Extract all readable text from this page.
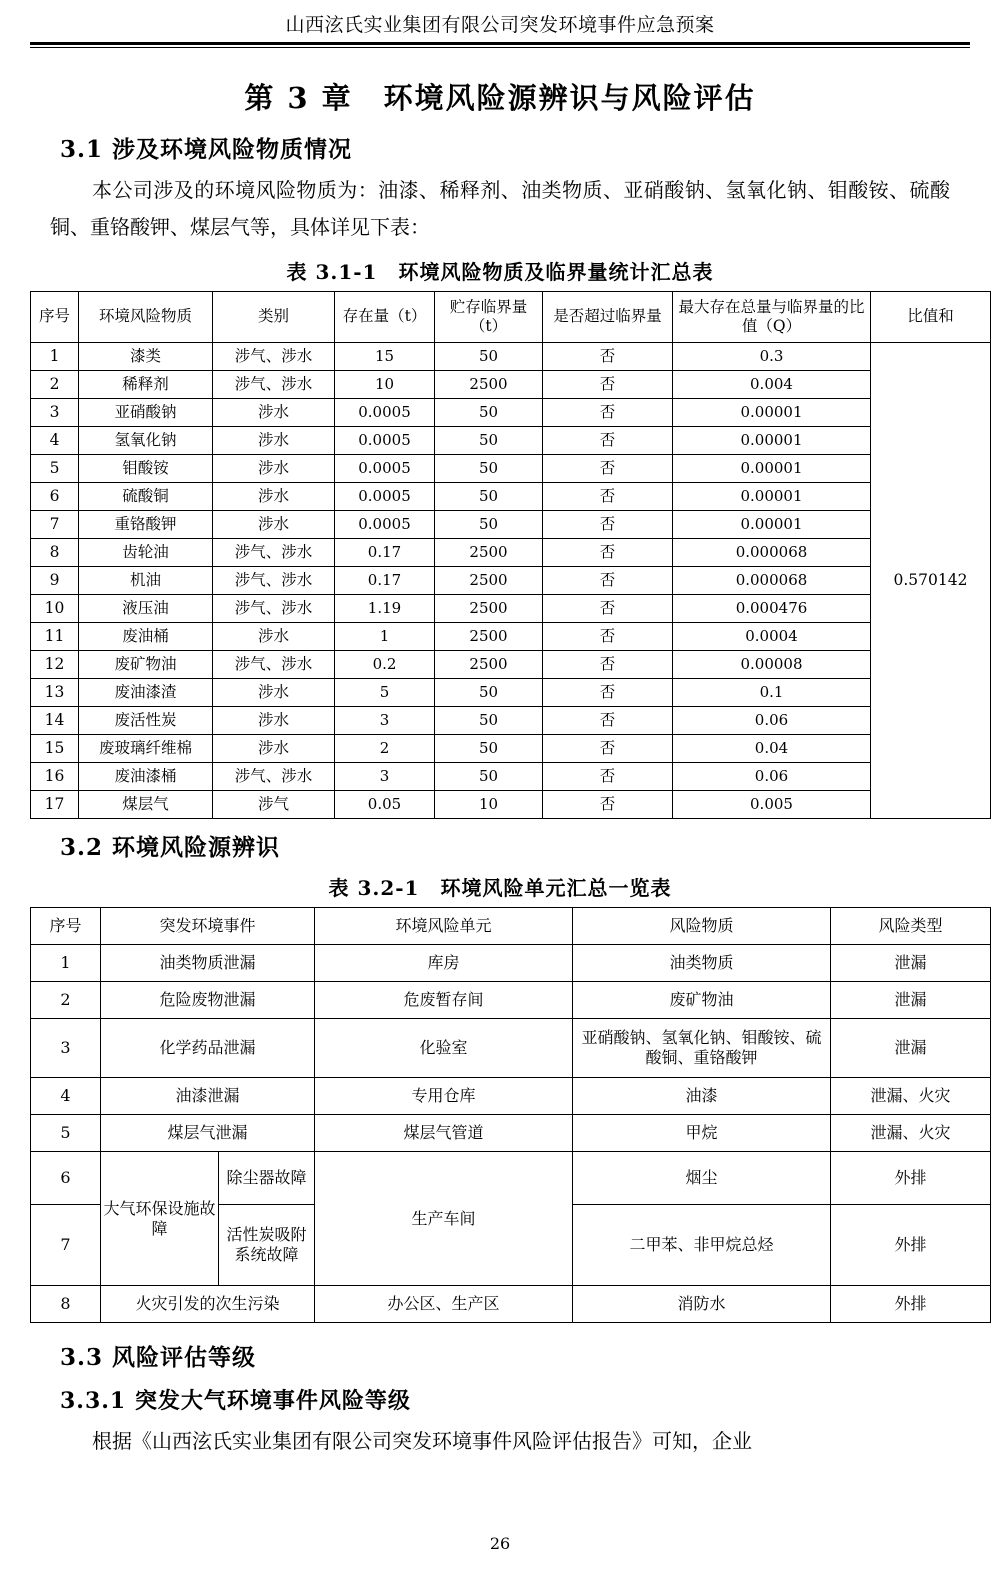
山西泫氏实业集团有限公司突发环境事件应急预案
第 3 章　环境风险源辨识与风险评估
3.1 涉及环境风险物质情况

本公司涉及的环境风险物质为：油漆、稀释剂、油类物质、亚硝酸钠、氢氧化钠、钼酸铵、硫酸铜、重铬酸钾、煤层气等，具体详见下表：

表 3.1-1　环境风险物质及临界量统计汇总表
序号	环境风险物质	类别	存在量（t）	贮存临界量（t）	是否超过临界量	最大存在总量与临界量的比值（Q）	比值和
1	漆类	涉气、涉水	15	50	否	0.3	0.570142
2	稀释剂	涉气、涉水	10	2500	否	0.004	
3	亚硝酸钠	涉水	0.0005	50	否	0.00001	
4	氢氧化钠	涉水	0.0005	50	否	0.00001	
5	钼酸铵	涉水	0.0005	50	否	0.00001	
6	硫酸铜	涉水	0.0005	50	否	0.00001	
7	重铬酸钾	涉水	0.0005	50	否	0.00001	
8	齿轮油	涉气、涉水	0.17	2500	否	0.000068	
9	机油	涉气、涉水	0.17	2500	否	0.000068	
10	液压油	涉气、涉水	1.19	2500	否	0.000476	
11	废油桶	涉水	1	2500	否	0.0004	
12	废矿物油	涉气、涉水	0.2	2500	否	0.00008	
13	废油漆渣	涉水	5	50	否	0.1	
14	废活性炭	涉水	3	50	否	0.06	
15	废玻璃纤维棉	涉水	2	50	否	0.04	
16	废油漆桶	涉气、涉水	3	50	否	0.06	
17	煤层气	涉气	0.05	10	否	0.005	
3.2 环境风险源辨识
表 3.2-1　环境风险单元汇总一览表
序号	突发环境事件		环境风险单元	风险物质	风险类型
1	油类物质泄漏		库房	油类物质	泄漏
2	危险废物泄漏		危废暂存间	废矿物油	泄漏
3	化学药品泄漏		化验室	亚硝酸钠、氢氧化钠、钼酸铵、硫酸铜、重铬酸钾	泄漏
4	油漆泄漏		专用仓库	油漆	泄漏、火灾
5	煤层气泄漏		煤层气管道	甲烷	泄漏、火灾
6	大气环保设施故障	除尘器故障	生产车间	烟尘	外排
7		活性炭吸附系统故障		二甲苯、非甲烷总烃	外排
8	火灾引发的次生污染		办公区、生产区	消防水	外排
3.3 风险评估等级
3.3.1 突发大气环境事件风险等级

根据《山西泫氏实业集团有限公司突发环境事件风险评估报告》可知，企业

26
